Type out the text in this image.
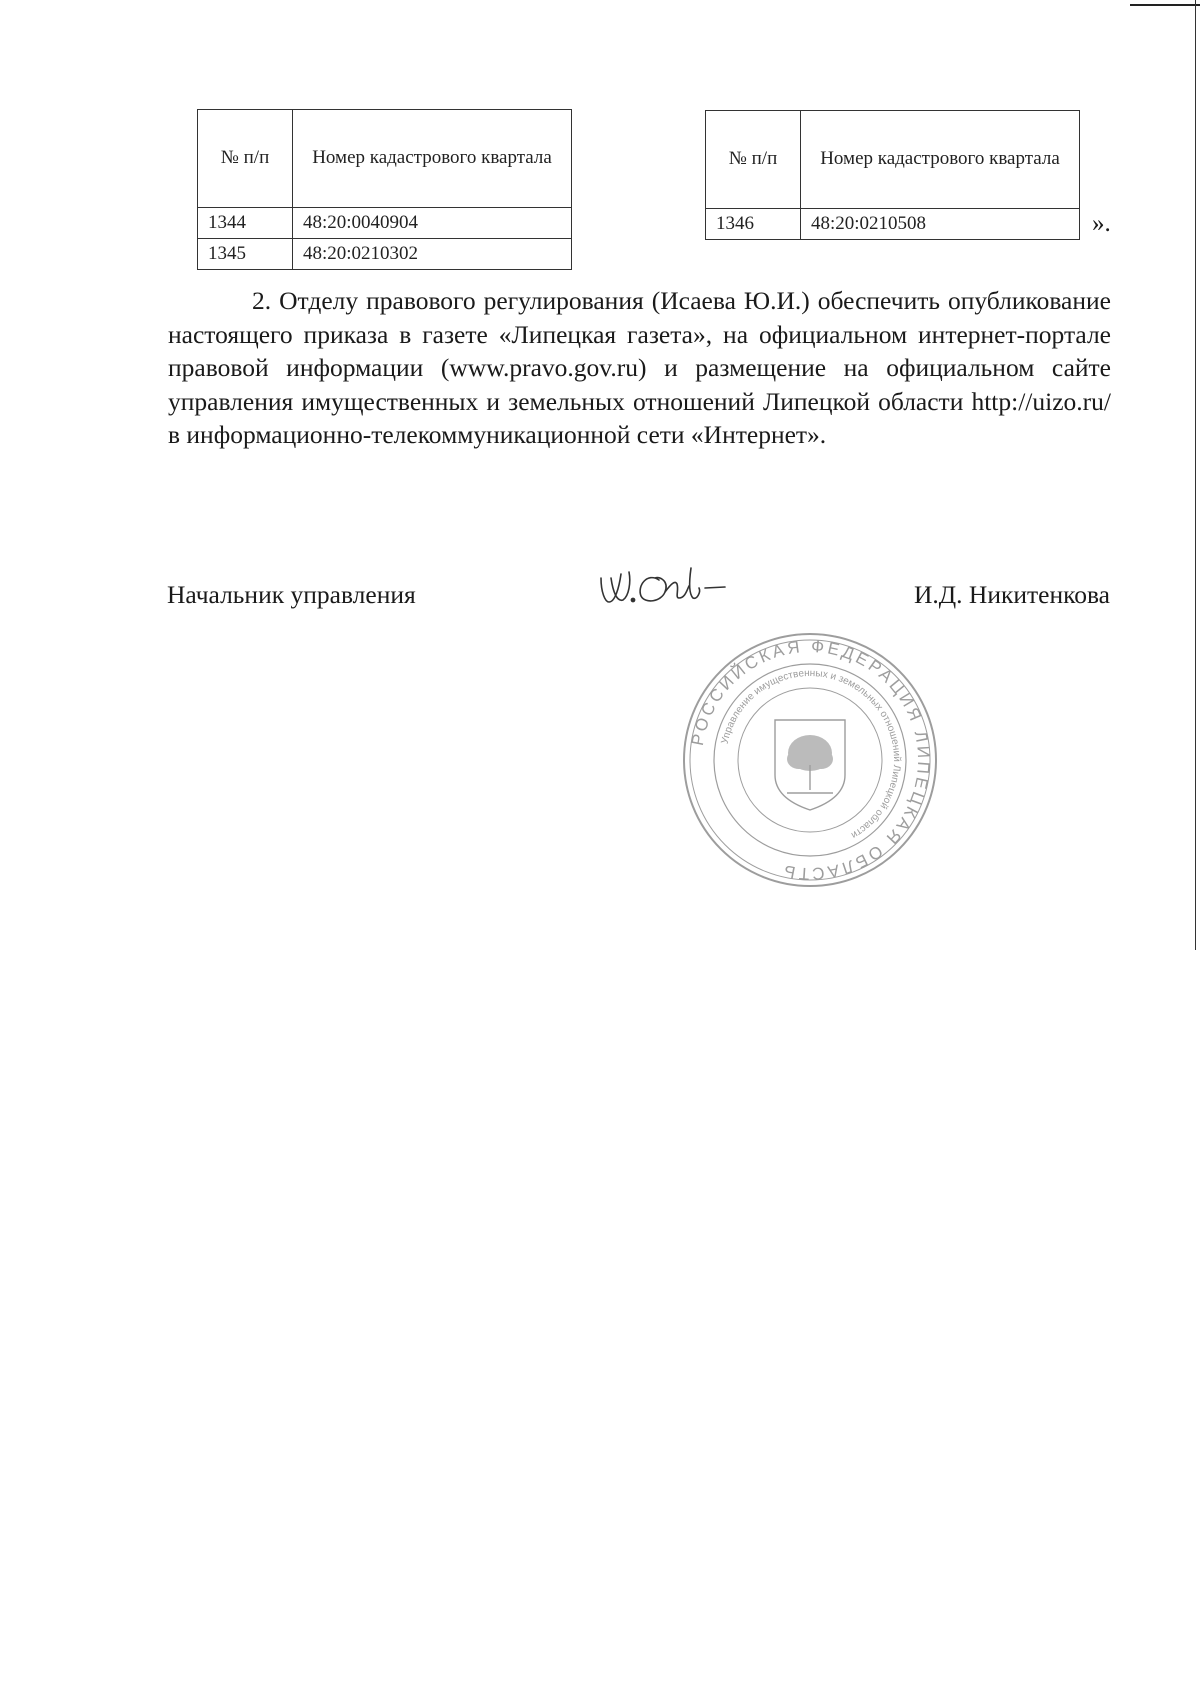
№ п/п	Номер кадастрового квартала
1344	48:20:0040904
1345	48:20:0210302
№ п/п	Номер кадастрового квартала
1346	48:20:0210508	».

2. Отделу правового регулирования (Исаева Ю.И.) обеспечить опубликование настоящего приказа в газете «Липецкая газета», на официальном интернет-портале правовой информации (www.pravo.gov.ru) и размещение на официальном сайте управления имущественных и земельных отношений Липецкой области http://uizo.ru/ в информационно-телекоммуникационной сети «Интернет».

Начальник управления	И.Д. Никитенкова
РОССИЙСКАЯ ФЕДЕРАЦИЯ ЛИПЕЦКАЯ ОБЛАСТЬ
Управление имущественных и земельных отношений Липецкой области
